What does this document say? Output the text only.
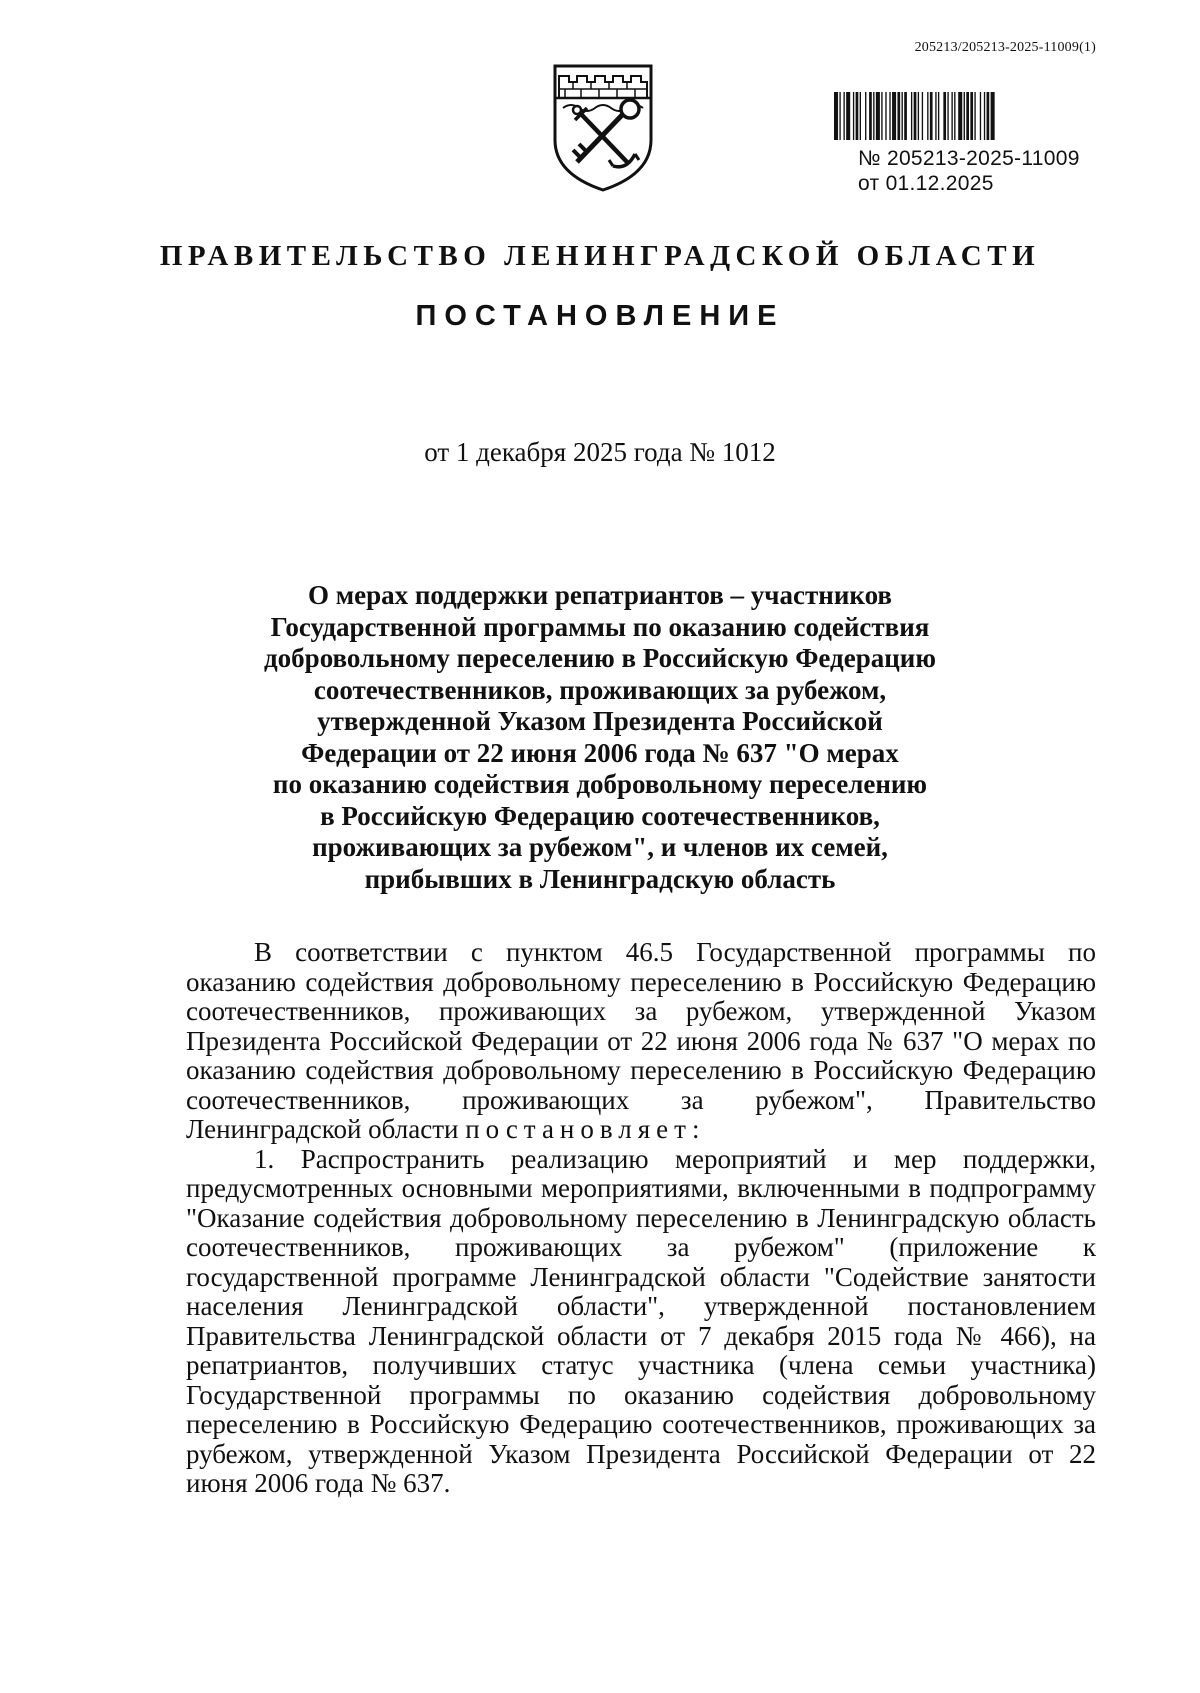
205213/205213-2025-11009(1)
№ 205213-2025-11009
от 01.12.2025
ПРАВИТЕЛЬСТВО ЛЕНИНГРАДСКОЙ ОБЛАСТИ
ПОСТАНОВЛЕНИЕ
от 1 декабря 2025 года № 1012
О мерах поддержки репатриантов – участников
Государственной программы по оказанию содействия
добровольному переселению в Российскую Федерацию
соотечественников, проживающих за рубежом,
утвержденной Указом Президента Российской
Федерации от 22 июня 2006 года № 637 "О мерах
по оказанию содействия добровольному переселению
в Российскую Федерацию соотечественников,
проживающих за рубежом", и членов их семей,
прибывших в Ленинградскую область

В соответствии с пунктом 46.5 Государственной программы по оказанию содействия добровольному переселению в Российскую Федерацию соотечественников, проживающих за рубежом, утвержденной Указом Президента Российской Федерации от 22 июня 2006 года № 637 "О мерах по оказанию содействия добровольному переселению в Российскую Федерацию соотечественников, проживающих за рубежом", Правительство Ленинградской области постановляет:

1. Распространить реализацию мероприятий и мер поддержки, предусмотренных основными мероприятиями, включенными в подпрограмму "Оказание содействия добровольному переселению в Ленинградскую область соотечественников, проживающих за рубежом" (приложение к государственной программе Ленинградской области "Содействие занятости населения Ленинградской области", утвержденной постановлением Правительства Ленинградской области от 7 декабря 2015 года № 466), на репатриантов, получивших статус участника (члена семьи участника) Государственной программы по оказанию содействия добровольному переселению в Российскую Федерацию соотечественников, проживающих за рубежом, утвержденной Указом Президента Российской Федерации от 22 июня 2006 года № 637.
